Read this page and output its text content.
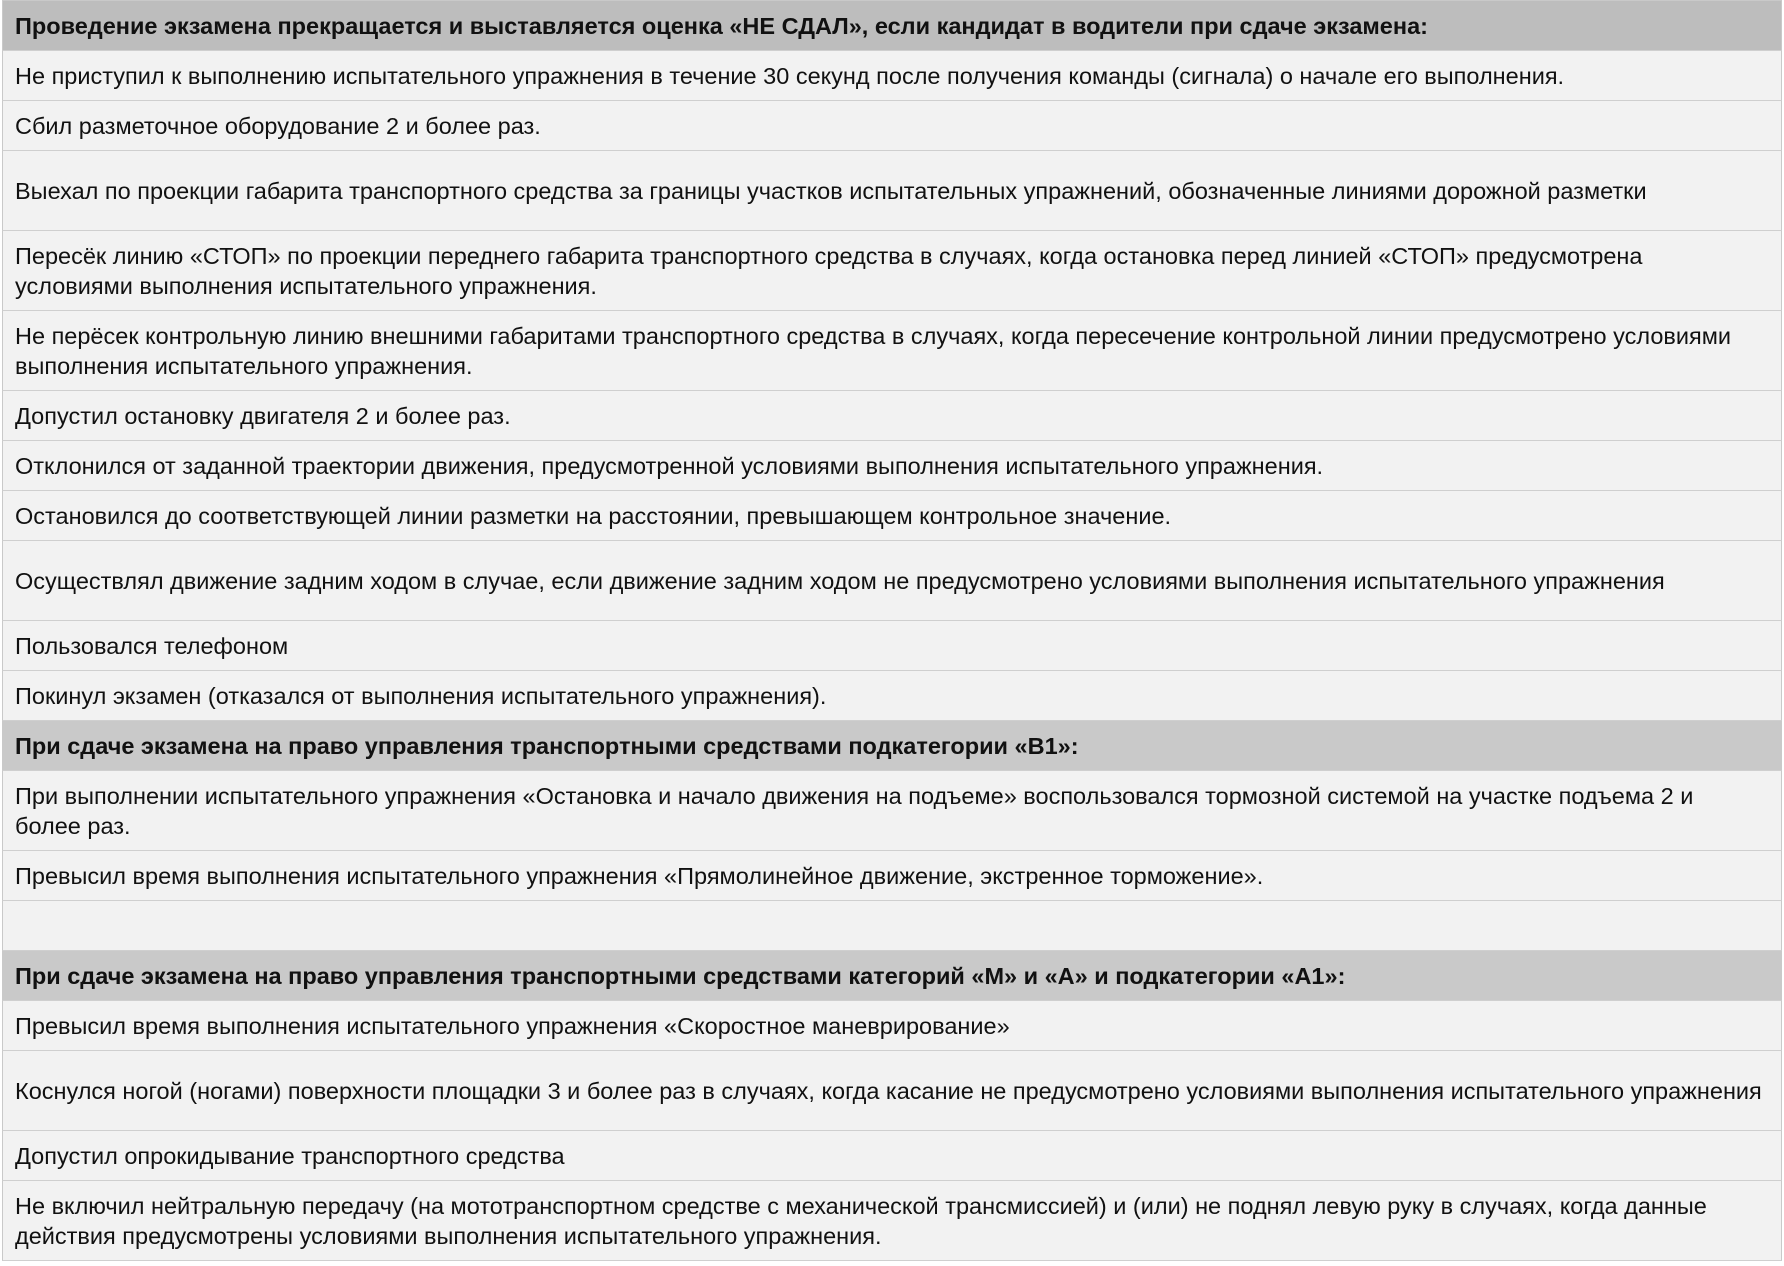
Проведение экзамена прекращается и выставляется оценка «НЕ СДАЛ», если кандидат в водители при сдаче экзамена:
Не приступил к выполнению испытательного упражнения в течение 30 секунд после получения команды (сигнала) о начале его выполнения.
Сбил разметочное оборудование 2 и более раз.
Выехал по проекции габарита транспортного средства за границы участков испытательных упражнений, обозначенные линиями дорожной разметки
Пересёк линию «СТОП» по проекции переднего габарита транспортного средства в случаях, когда остановка перед линией «СТОП» предусмотрена условиями выполнения испытательного упражнения.
Не перёсек контрольную линию внешними габаритами транспортного средства в случаях, когда пересечение контрольной линии предусмотрено условиями выполнения испытательного упражнения.
Допустил остановку двигателя 2 и более раз.
Отклонился от заданной траектории движения, предусмотренной условиями выполнения испытательного упражнения.
Остановился до соответствующей линии разметки на расстоянии, превышающем контрольное значение.
Осуществлял движение задним ходом в случае, если движение задним ходом не предусмотрено условиями выполнения испытательного упражнения
Пользовался телефоном
Покинул экзамен (отказался от выполнения испытательного упражнения).
При сдаче экзамена на право управления транспортными средствами подкатегории «B1»:
При выполнении испытательного упражнения «Остановка и начало движения на подъеме» воспользовался тормозной системой на участке подъема 2 и более раз.
Превысил время выполнения испытательного упражнения «Прямолинейное движение, экстренное торможение».
При сдаче экзамена на право управления транспортными средствами категорий «M» и «А» и подкатегории «А1»:
Превысил время выполнения испытательного упражнения «Скоростное маневрирование»
Коснулся ногой (ногами) поверхности площадки 3 и более раз в случаях, когда касание не предусмотрено условиями выполнения испытательного упражнения
Допустил опрокидывание транспортного средства
Не включил нейтральную передачу (на мототранспортном средстве с механической трансмиссией) и (или) не поднял левую руку в случаях, когда данные действия предусмотрены условиями выполнения испытательного упражнения.
